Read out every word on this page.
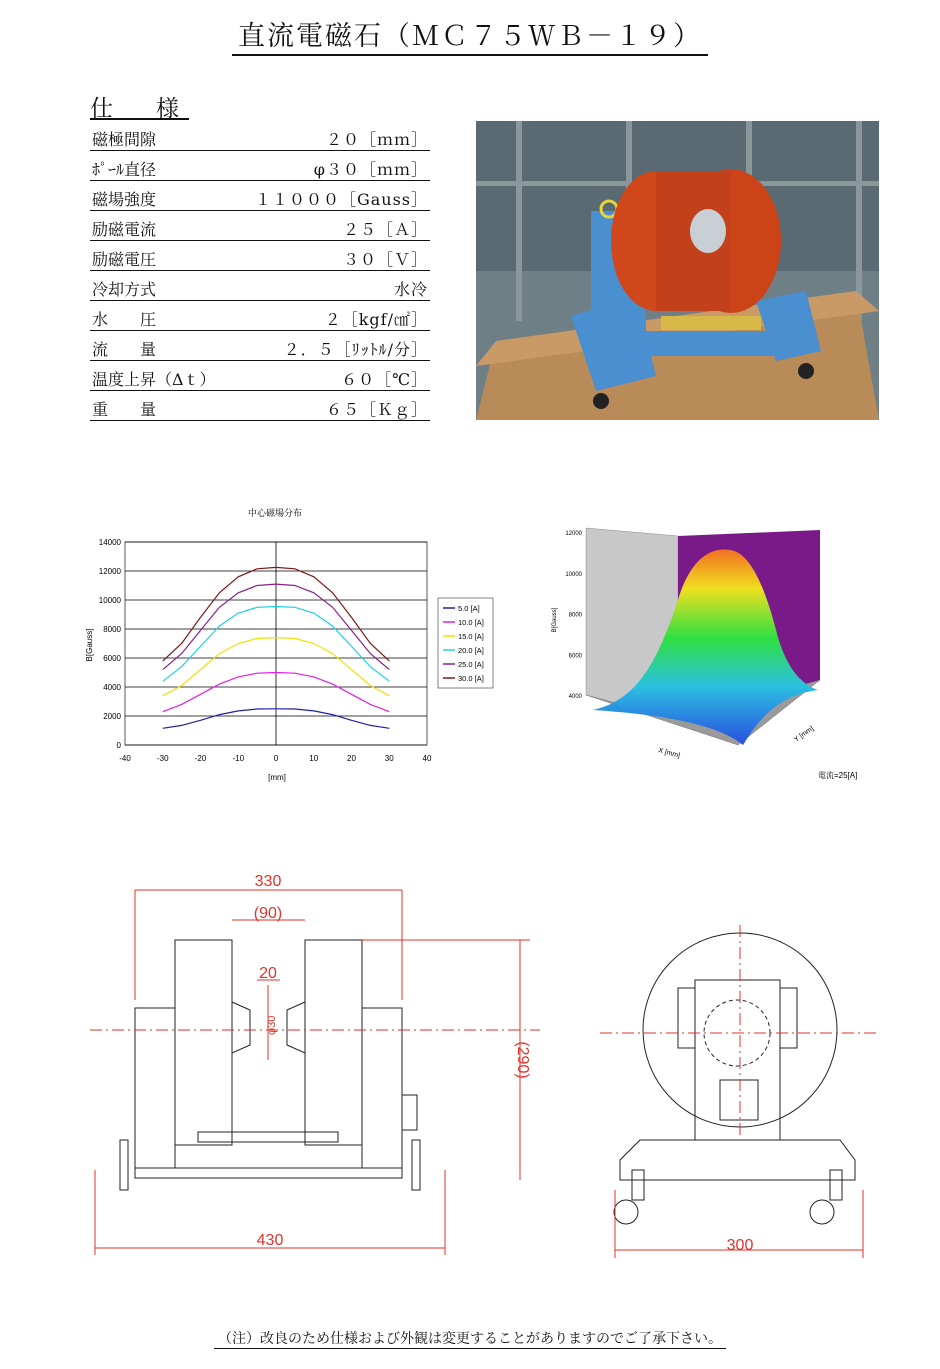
直流電磁石（ＭＣ７５ＷＢ－１９）
仕　様
磁極間隙	２０［ｍｍ］
ﾎﾟｰﾙ直径	φ３０［ｍｍ］
磁場強度	１１０００［Gauss］
励磁電流	２５［Ａ］
励磁電圧	３０［Ｖ］
冷却方式	水冷
水　　圧	２［kgf/㎠］
流　　量	２．５［ﾘｯﾄﾙ/分］
温度上昇（Δｔ）	６０［℃］
重　　量	６５［Ｋｇ］
中心磁場分布
0
2000
4000
6000
8000
10000
12000
14000
-40	-30	-20	-10	0	10	20	30	40
B[Gauss]
[mm]
5.0 [A]
10.0 [A]
15.0 [A]
20.0 [A]
25.0 [A]
30.0 [A]
4000
6000
8000
10000
12000
B[Gauss]
X [mm]
Y [mm]
電流=25[A]
330
(90)
20
φ30
(290)
430	300
（注）改良のため仕様および外観は変更することがありますのでご了承下さい。
